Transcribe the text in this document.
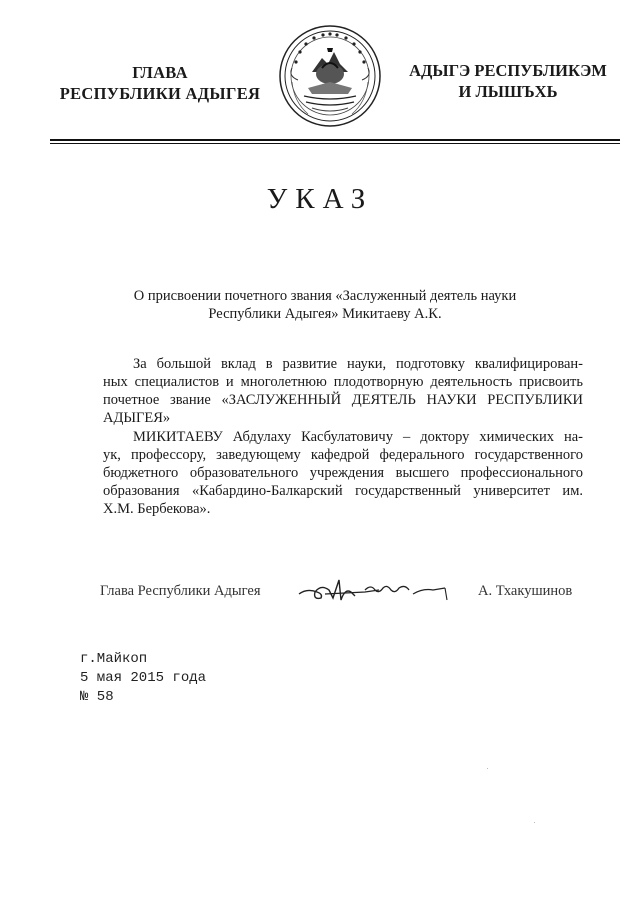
ГЛАВА
РЕСПУБЛИКИ АДЫГЕЯ
АДЫГЭ РЕСПУБЛИКЭМ
И ЛЫШЪХЬ
УКАЗ
О присвоении почетного звания «Заслуженный деятель науки
Республики Адыгея» Микитаеву А.К.
За большой вклад в развитие науки, подготовку квалифицирован-
ных специалистов и многолетнюю плодотворную деятельность присвоить
почетное звание «ЗАСЛУЖЕННЫЙ ДЕЯТЕЛЬ НАУКИ РЕСПУБЛИКИ
АДЫГЕЯ»
МИКИТАЕВУ Абдулаху Касбулатовичу – доктору химических на-
ук, профессору, заведующему кафедрой федерального государственного
бюджетного образовательного учреждения высшего профессионального
образования «Кабардино-Балкарский государственный университет им.
Х.М. Бербекова».
Глава Республики Адыгея	А. Тхакушинов
г.Майкоп
5 мая 2015 года
№ 58
